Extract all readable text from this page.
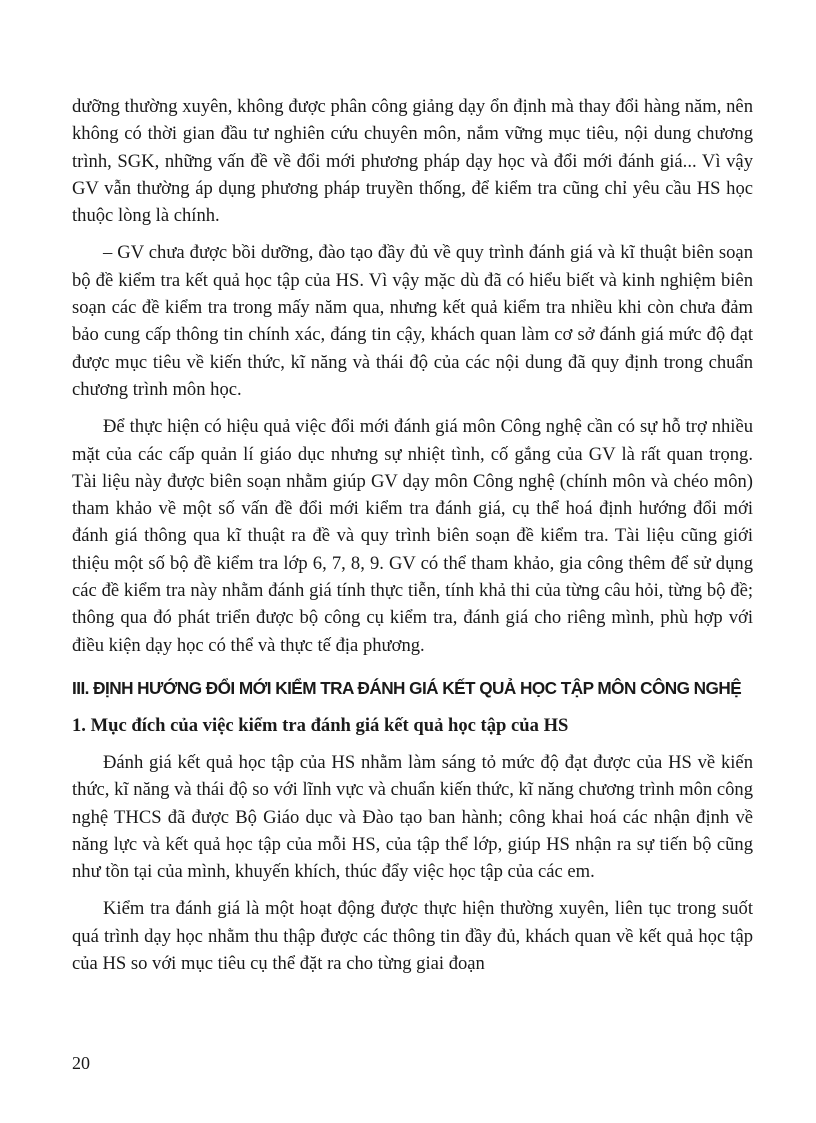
dưỡng thường xuyên, không được phân công giảng dạy ổn định mà thay đổi hàng năm, nên không có thời gian đầu tư nghiên cứu chuyên môn, nắm vững mục tiêu, nội dung chương trình, SGK, những vấn đề về đổi mới phương pháp dạy học và đổi mới đánh giá... Vì vậy GV vẫn thường áp dụng phương pháp truyền thống, để kiểm tra cũng chỉ yêu cầu HS học thuộc lòng là chính.

– GV chưa được bồi dưỡng, đào tạo đầy đủ về quy trình đánh giá và kĩ thuật biên soạn bộ đề kiểm tra kết quả học tập của HS. Vì vậy mặc dù đã có hiểu biết và kinh nghiệm biên soạn các đề kiểm tra trong mấy năm qua, nhưng kết quả kiểm tra nhiều khi còn chưa đảm bảo cung cấp thông tin chính xác, đáng tin cậy, khách quan làm cơ sở đánh giá mức độ đạt được mục tiêu về kiến thức, kĩ năng và thái độ của các nội dung đã quy định trong chuẩn chương trình môn học.

Để thực hiện có hiệu quả việc đổi mới đánh giá môn Công nghệ cần có sự hỗ trợ nhiều mặt của các cấp quản lí giáo dục nhưng sự nhiệt tình, cố gắng của GV là rất quan trọng. Tài liệu này được biên soạn nhằm giúp GV dạy môn Công nghệ (chính môn và chéo môn) tham khảo về một số vấn đề đổi mới kiểm tra đánh giá, cụ thể hoá định hướng đổi mới đánh giá thông qua kĩ thuật ra đề và quy trình biên soạn đề kiểm tra. Tài liệu cũng giới thiệu một số bộ đề kiểm tra lớp 6, 7, 8, 9. GV có thể tham khảo, gia công thêm để sử dụng các đề kiểm tra này nhằm đánh giá tính thực tiễn, tính khả thi của từng câu hỏi, từng bộ đề; thông qua đó phát triển được bộ công cụ kiểm tra, đánh giá cho riêng mình, phù hợp với điều kiện dạy học có thể và thực tế địa phương.

III. ĐỊNH HƯỚNG ĐỔI MỚI KIỂM TRA ĐÁNH GIÁ KẾT QUẢ HỌC TẬP MÔN CÔNG NGHỆ
1. Mục đích của việc kiểm tra đánh giá kết quả học tập của HS

Đánh giá kết quả học tập của HS nhằm làm sáng tỏ mức độ đạt được của HS về kiến thức, kĩ năng và thái độ so với lĩnh vực và chuẩn kiến thức, kĩ năng chương trình môn công nghệ THCS đã được Bộ Giáo dục và Đào tạo ban hành; công khai hoá các nhận định về năng lực và kết quả học tập của mỗi HS, của tập thể lớp, giúp HS nhận ra sự tiến bộ cũng như tồn tại của mình, khuyến khích, thúc đẩy việc học tập của các em.

Kiểm tra đánh giá là một hoạt động được thực hiện thường xuyên, liên tục trong suốt quá trình dạy học nhằm thu thập được các thông tin đầy đủ, khách quan về kết quả học tập của HS so với mục tiêu cụ thể đặt ra cho từng giai đoạn

20
